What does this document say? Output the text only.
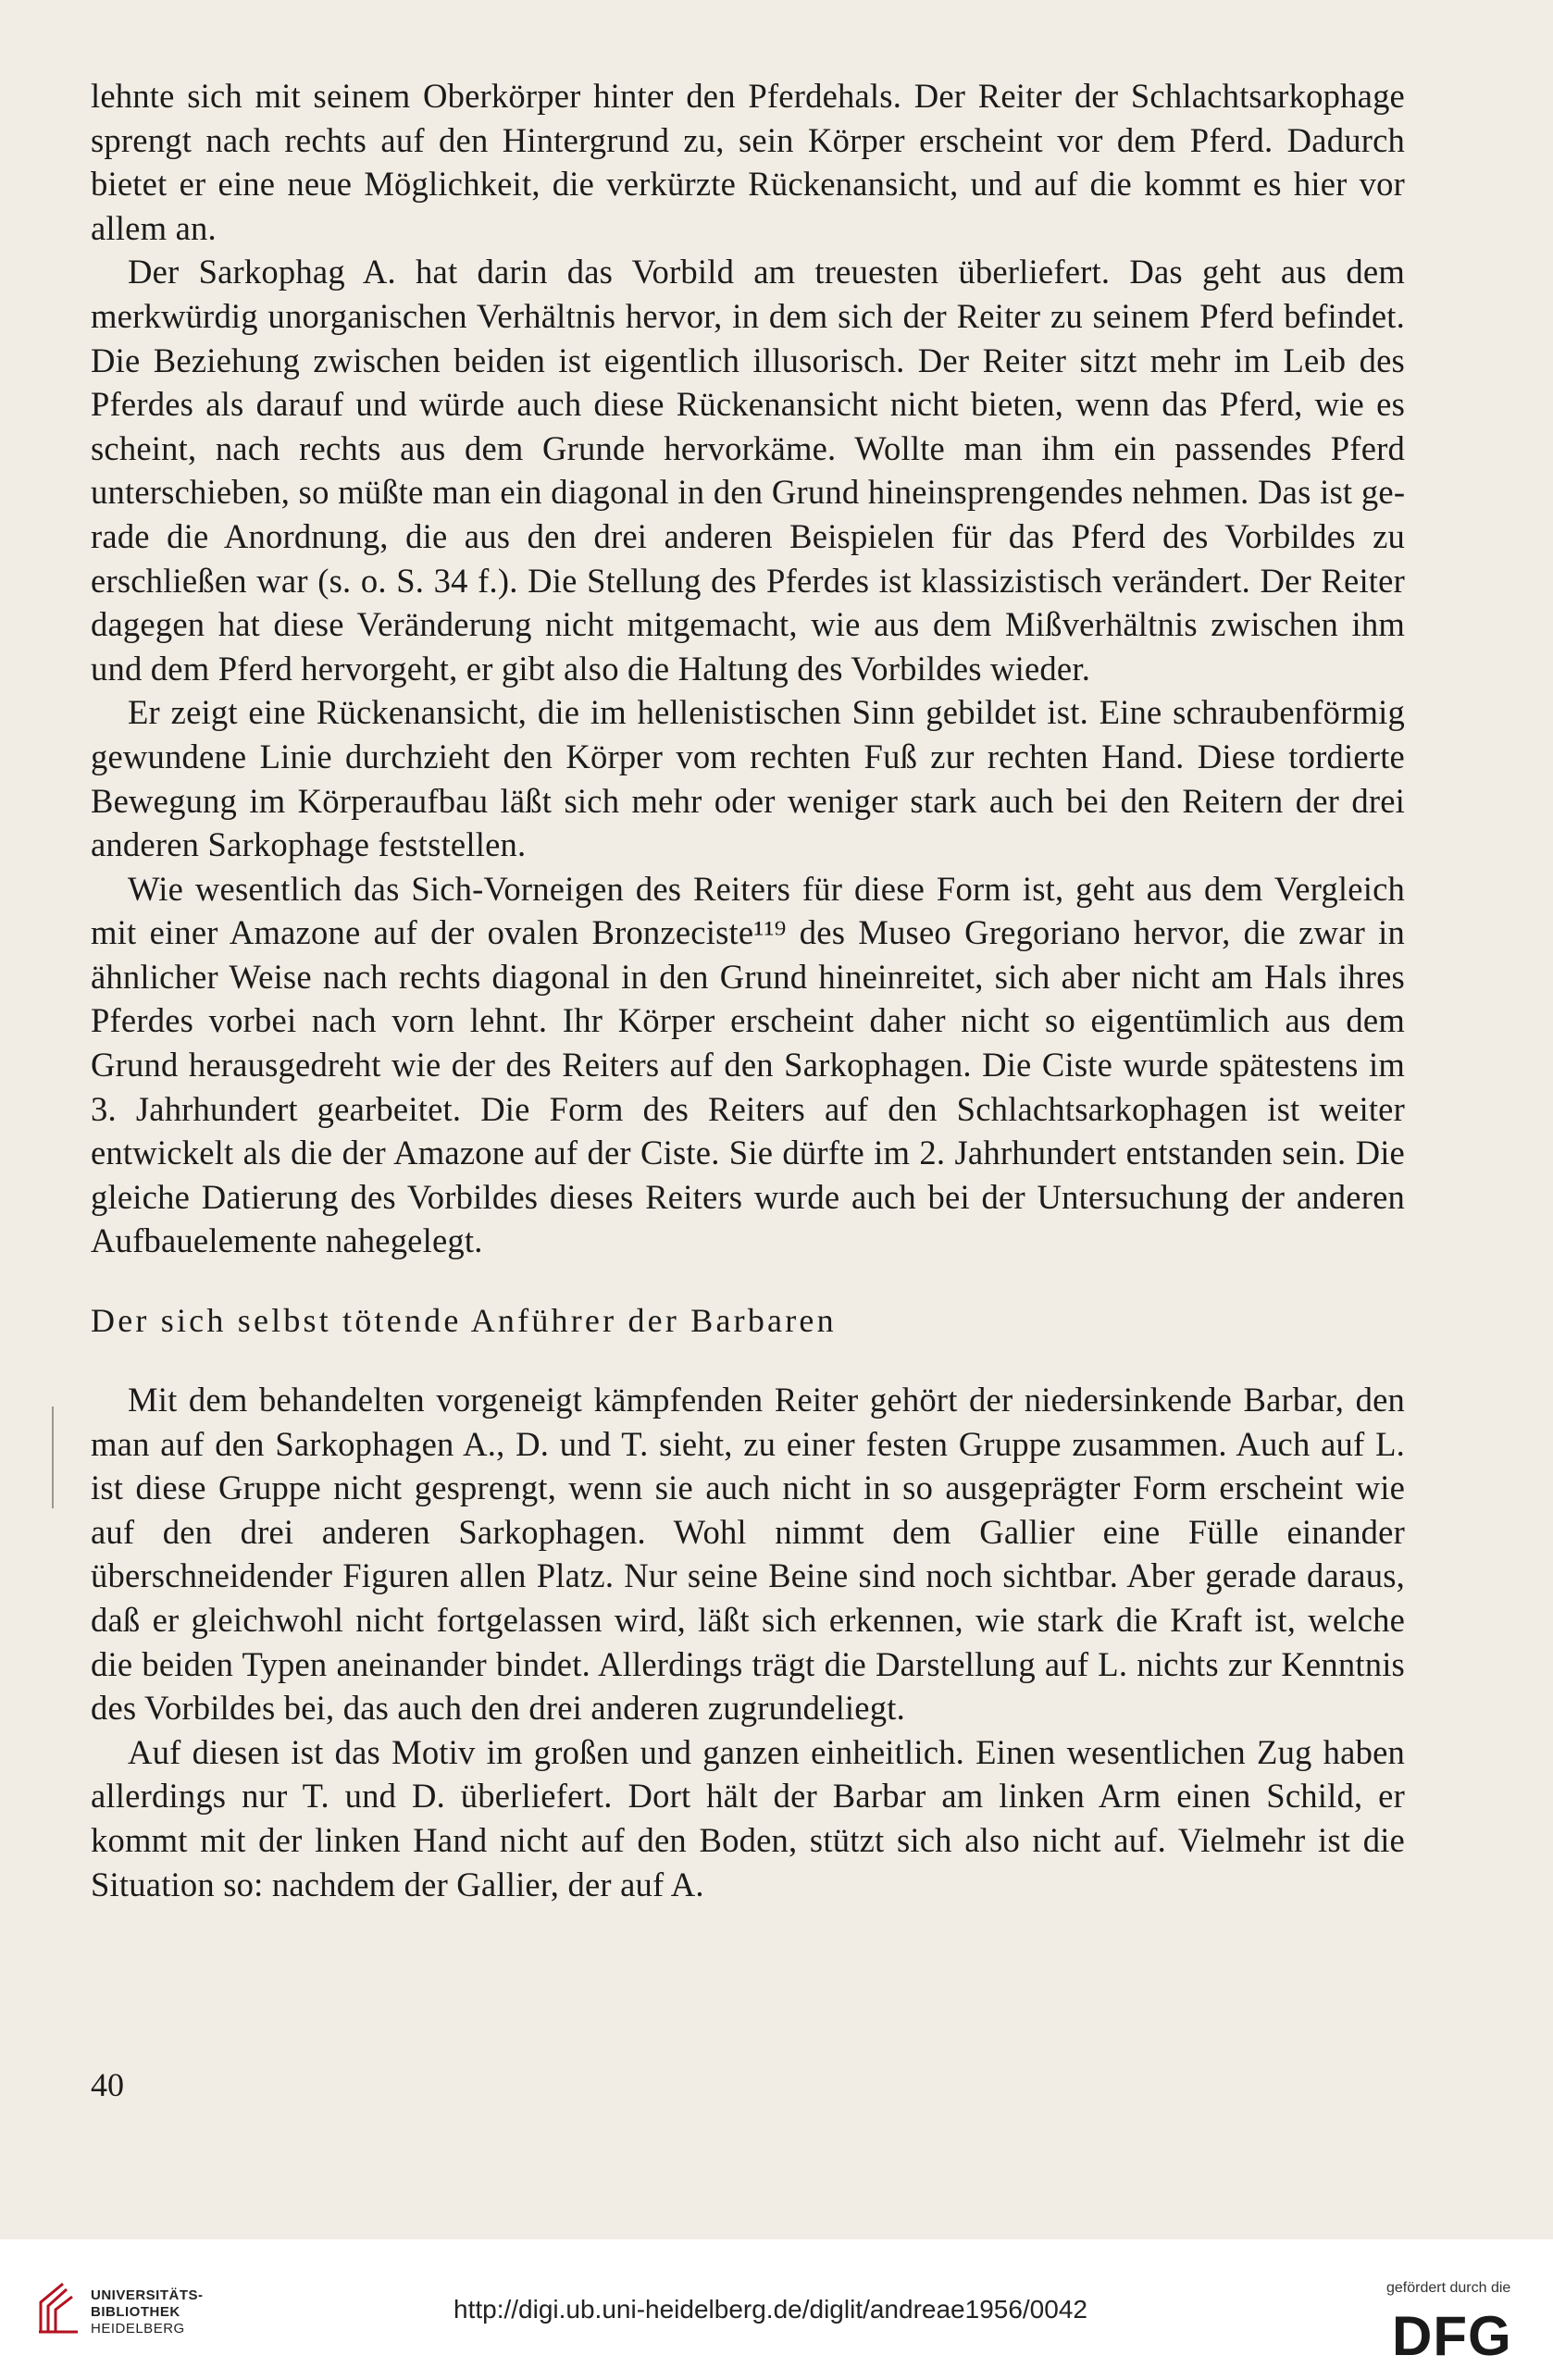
lehnte sich mit seinem Oberkörper hinter den Pferdehals. Der Reiter der Schlachtsarkophage sprengt nach rechts auf den Hintergrund zu, sein Körper erscheint vor dem Pferd. Dadurch bietet er eine neue Möglichkeit, die verkürzte Rückenansicht, und auf die kommt es hier vor allem an.

Der Sarkophag A. hat darin das Vorbild am treuesten überliefert. Das geht aus dem merkwürdig unorganischen Verhältnis hervor, in dem sich der Reiter zu seinem Pferd befindet. Die Beziehung zwischen beiden ist eigentlich illusorisch. Der Reiter sitzt mehr im Leib des Pferdes als darauf und würde auch diese Rückenansicht nicht bieten, wenn das Pferd, wie es scheint, nach rechts aus dem Grunde hervorkäme. Wollte man ihm ein passendes Pferd unterschieben, so müßte man ein diagonal in den Grund hineinsprengendes nehmen. Das ist gerade die Anordnung, die aus den drei anderen Beispielen für das Pferd des Vorbildes zu erschließen war (s. o. S. 34 f.). Die Stellung des Pferdes ist klassizistisch verändert. Der Reiter dagegen hat diese Veränderung nicht mitgemacht, wie aus dem Mißverhältnis zwischen ihm und dem Pferd hervorgeht, er gibt also die Haltung des Vorbildes wieder.

Er zeigt eine Rückenansicht, die im hellenistischen Sinn gebildet ist. Eine schraubenförmig gewundene Linie durchzieht den Körper vom rechten Fuß zur rechten Hand. Diese tordierte Bewegung im Körperaufbau läßt sich mehr oder weniger stark auch bei den Reitern der drei anderen Sarkophage feststellen.

Wie wesentlich das Sich-Vorneigen des Reiters für diese Form ist, geht aus dem Vergleich mit einer Amazone auf der ovalen Bronzeciste¹¹⁹ des Museo Gregoriano hervor, die zwar in ähnlicher Weise nach rechts diagonal in den Grund hineinreitet, sich aber nicht am Hals ihres Pferdes vorbei nach vorn lehnt. Ihr Körper erscheint daher nicht so eigentümlich aus dem Grund herausgedreht wie der des Reiters auf den Sarkophagen. Die Ciste wurde spätestens im 3. Jahrhundert gearbeitet. Die Form des Reiters auf den Schlachtsarkophagen ist weiter entwickelt als die der Amazone auf der Ciste. Sie dürfte im 2. Jahrhundert entstanden sein. Die gleiche Datierung des Vorbildes dieses Reiters wurde auch bei der Untersuchung der anderen Aufbauelemente nahegelegt.

Der sich selbst tötende Anführer der Barbaren

Mit dem behandelten vorgeneigt kämpfenden Reiter gehört der niedersinkende Barbar, den man auf den Sarkophagen A., D. und T. sieht, zu einer festen Gruppe zusammen. Auch auf L. ist diese Gruppe nicht gesprengt, wenn sie auch nicht in so ausgeprägter Form erscheint wie auf den drei anderen Sarkophagen. Wohl nimmt dem Gallier eine Fülle einander überschneidender Figuren allen Platz. Nur seine Beine sind noch sichtbar. Aber gerade daraus, daß er gleichwohl nicht fortgelassen wird, läßt sich erkennen, wie stark die Kraft ist, welche die beiden Typen aneinander bindet. Allerdings trägt die Darstellung auf L. nichts zur Kenntnis des Vorbildes bei, das auch den drei anderen zugrundeliegt.

Auf diesen ist das Motiv im großen und ganzen einheitlich. Einen wesentlichen Zug haben allerdings nur T. und D. überliefert. Dort hält der Barbar am linken Arm einen Schild, er kommt mit der linken Hand nicht auf den Boden, stützt sich also nicht auf. Vielmehr ist die Situation so: nachdem der Gallier, der auf A.

40
UNIVERSITÄTS-
BIBLIOTHEK
HEIDELBERG
http://digi.ub.uni-heidelberg.de/diglit/andreae1956/0042
gefördert durch die
DFG
